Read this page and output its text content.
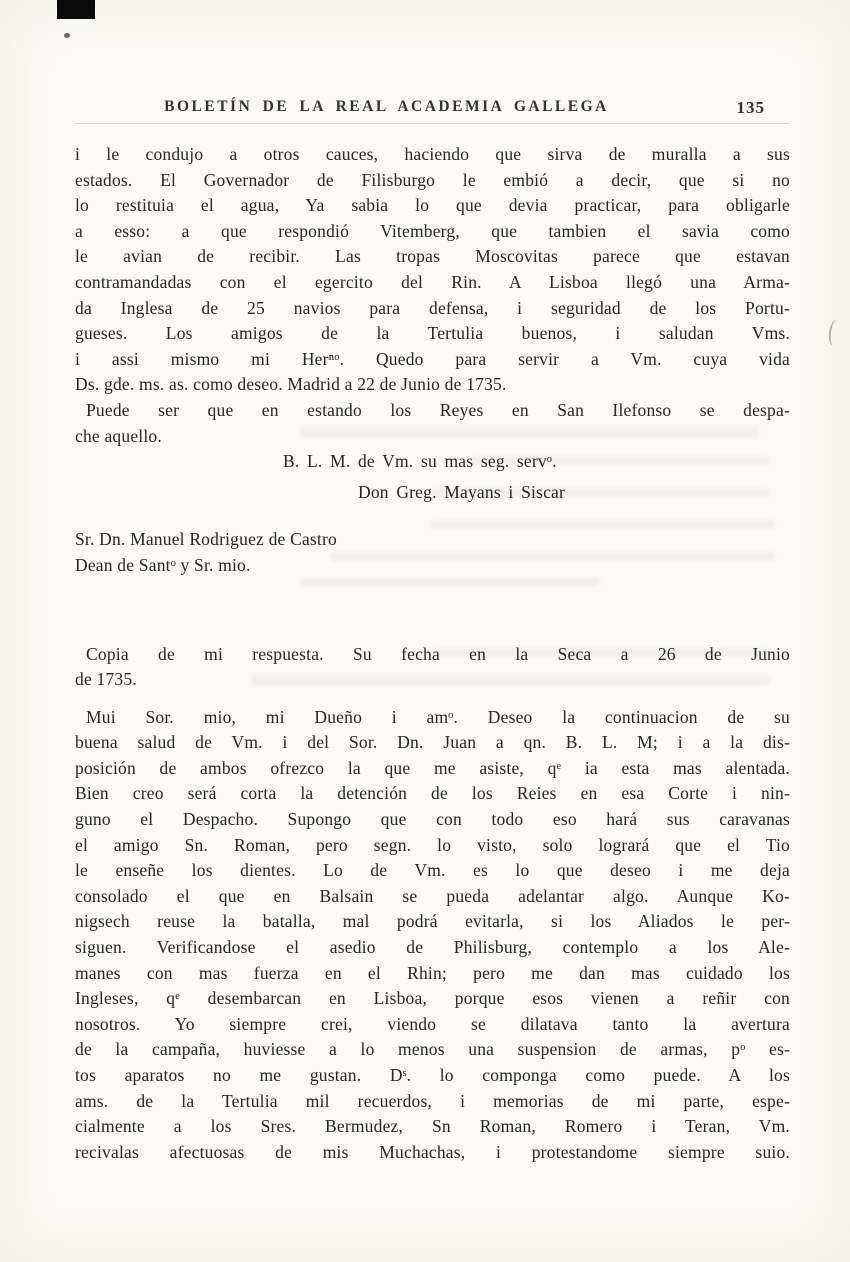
BOLETÍN DE LA REAL ACADEMIA GALLEGA	135
i le condujo a otros cauces, haciendo que sirva de muralla a sus
estados. El Governador de Filisburgo le embió a decir, que si no
lo restituia el agua, Ya sabia lo que devia practicar, para obligarle
a esso: a que respondió Vitemberg, que tambien el savia como
le avian de recibir. Las tropas Moscovitas parece que estavan
contramandadas con el egercito del Rin. A Lisboa llegó una Arma-
da Inglesa de 25 navios para defensa, i seguridad de los Portu-
gueses. Los amigos de la Tertulia buenos, i saludan Vms.
i assi mismo mi Herⁿᵒ. Quedo para servir a Vm. cuya vida
Ds. gde. ms. as. como deseo. Madrid a 22 de Junio de 1735.
Puede ser que en estando los Reyes en San Ilefonso se despa-
che aquello.
B. L. M. de Vm. su mas seg. servᵒ.
Don Greg. Mayans i Siscar
Sr. Dn. Manuel Rodriguez de Castro
Dean de Santᵒ y Sr. mio.
Copia de mi respuesta. Su fecha en la Seca a 26 de Junio
de 1735.
Mui Sor. mio, mi Dueño i amᵒ. Deseo la continuacion de su
buena salud de Vm. i del Sor. Dn. Juan a qn. B. L. M; i a la dis-
posición de ambos ofrezco la que me asiste, qᵉ ia esta mas alentada.
Bien creo será corta la detención de los Reies en esa Corte i nin-
guno el Despacho. Supongo que con todo eso hará sus caravanas
el amigo Sn. Roman, pero segn. lo visto, solo logrará que el Tio
le enseñe los dientes. Lo de Vm. es lo que deseo i me deja
consolado el que en Balsain se pueda adelantar algo. Aunque Ko-
nigsech reuse la batalla, mal podrá evitarla, si los Aliados le per-
siguen. Verificandose el asedio de Philisburg, contemplo a los Ale-
manes con mas fuerza en el Rhin; pero me dan mas cuidado los
Ingleses, qᵉ desembarcan en Lisboa, porque esos vienen a reñir con
nosotros. Yo siempre crei, viendo se dilatava tanto la avertura
de la campaña, huviesse a lo menos una suspension de armas, pᵒ es-
tos aparatos no me gustan. Dˢ. lo componga como puede. A los
ams. de la Tertulia mil recuerdos, i memorias de mi parte, espe-
cialmente a los Sres. Bermudez, Sn Roman, Romero i Teran, Vm.
recivalas afectuosas de mis Muchachas, i protestandome siempre suio.
